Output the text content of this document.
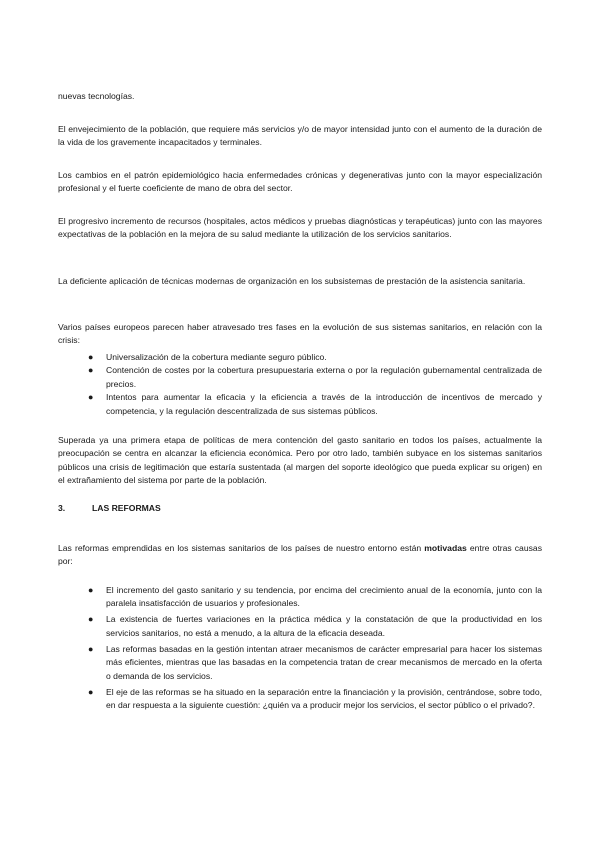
nuevas tecnologías.

El envejecimiento de la población, que requiere más servicios y/o de mayor intensidad junto con el aumento de la duración de la vida de los gravemente incapacitados y terminales.

Los cambios en el patrón epidemiológico hacia enfermedades crónicas y degenerativas junto con la mayor especialización profesional y el fuerte coeficiente de mano de obra del sector.

El progresivo incremento de recursos (hospitales, actos médicos y pruebas diagnósticas y terapéuticas) junto con las mayores expectativas de la población en la mejora de su salud mediante la utilización de los servicios sanitarios.

La deficiente aplicación de técnicas modernas de organización en los subsistemas de prestación de la asistencia sanitaria.

Varios países europeos parecen haber atravesado tres fases en la evolución de sus sistemas sanitarios, en relación con la crisis:

● Universalización de la cobertura mediante seguro público.
● Contención de costes por la cobertura presupuestaria externa o por la regulación gubernamental centralizada de precios.
● Intentos para aumentar la eficacia y la eficiencia a través de la introducción de incentivos de mercado y competencia, y la regulación descentralizada de sus sistemas públicos.

Superada ya una primera etapa de políticas de mera contención del gasto sanitario en todos los países, actualmente la preocupación se centra en alcanzar la eficiencia económica. Pero por otro lado, también subyace en los sistemas sanitarios públicos una crisis de legitimación que estaría sustentada (al margen del soporte ideológico que pueda explicar su origen) en el extrañamiento del sistema por parte de la población.

3.	LAS REFORMAS

Las reformas emprendidas en los sistemas sanitarios de los países de nuestro entorno están motivadas entre otras causas por:

● El incremento del gasto sanitario y su tendencia, por encima del crecimiento anual de la economía, junto con la paralela insatisfacción de usuarios y profesionales.
● La existencia de fuertes variaciones en la práctica médica y la constatación de que la productividad en los servicios sanitarios, no está a menudo, a la altura de la eficacia deseada.
● Las reformas basadas en la gestión intentan atraer mecanismos de carácter empresarial para hacer los sistemas más eficientes, mientras que las basadas en la competencia tratan de crear mecanismos de mercado en la oferta o demanda de los servicios.
● El eje de las reformas se ha situado en la separación entre la financiación y la provisión, centrándose, sobre todo, en dar respuesta a la siguiente cuestión: ¿quién va a producir mejor los servicios, el sector público o el privado?.
